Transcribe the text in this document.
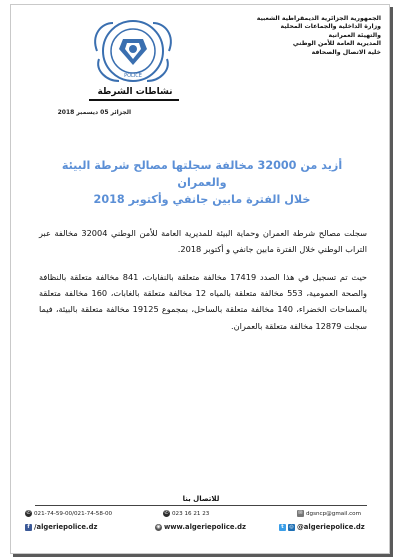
الجمهورية الجزائرية الديمقراطية الشعبية
وزارة الداخلية والجماعات المحلية
والتهيئة العمرانية
المديرية العامة للأمن الوطني
خلية الاتصال والصحافة
POLICE
نشاطات الشرطة
الجزائر 05 ديسمبر 2018
أزيد من 32000 مخالفة سجلتها مصالح شرطة البيئة والعمران
خلال الفترة مابين جانفي وأكتوبر 2018
سجلت مصالح شرطة العمران وحماية البيئة للمديرية العامة للأمن الوطني 32004 مخالفة عبر التراب الوطني خلال الفترة مابين جانفي و أكتوبر 2018.
حيث تم تسجيل في هذا الصدد 17419 مخالفة متعلقة بالنفايات، 841 مخالفة متعلقة بالنظافة والصحة العمومية، 553 مخالفة متعلقة بالمياه 12 مخالفة متعلقة بالغابات، 160 مخالفة متعلقة بالمساحات الخضراء، 140 مخالفة متعلقة بالساحل، بمجموع 19125 مخالفة متعلقة بالبيئة، فيما سجلت 12879 مخالفة متعلقة بالعمران.
للاتصال بنا
✆ 021-74-59-00/021-74-58-00	✆ 023 16 21 23	✉ dgsncp@gmail.com
f /algeriepolice.dz	◉ www.algeriepolice.dz	t	◎ @algeriepolice.dz
